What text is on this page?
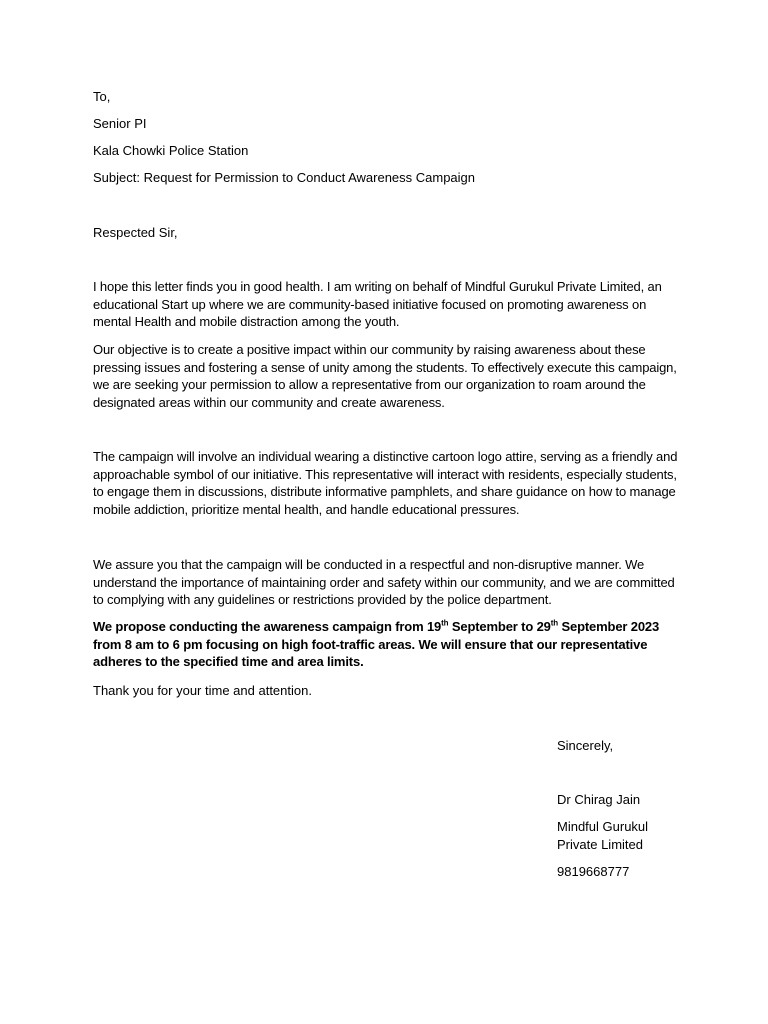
To,
Senior PI
Kala Chowki Police Station
Subject: Request for Permission to Conduct Awareness Campaign
Respected Sir,
I hope this letter finds you in good health. I am writing on behalf of Mindful Gurukul Private Limited, an educational Start up where we are community-based initiative focused on promoting awareness on mental Health and mobile distraction among the youth.
Our objective is to create a positive impact within our community by raising awareness about these pressing issues and fostering a sense of unity among the students. To effectively execute this campaign, we are seeking your permission to allow a representative from our organization to roam around the designated areas within our community and create awareness.
The campaign will involve an individual wearing a distinctive cartoon logo attire, serving as a friendly and approachable symbol of our initiative. This representative will interact with residents, especially students, to engage them in discussions, distribute informative pamphlets, and share guidance on how to manage mobile addiction, prioritize mental health, and handle educational pressures.
We assure you that the campaign will be conducted in a respectful and non-disruptive manner. We understand the importance of maintaining order and safety within our community, and we are committed to complying with any guidelines or restrictions provided by the police department.
We propose conducting the awareness campaign from 19th September to 29th September 2023 from 8 am to 6 pm focusing on high foot-traffic areas. We will ensure that our representative adheres to the specified time and area limits.
Thank you for your time and attention.
Sincerely,
Dr Chirag Jain
Mindful Gurukul
Private Limited
9819668777
